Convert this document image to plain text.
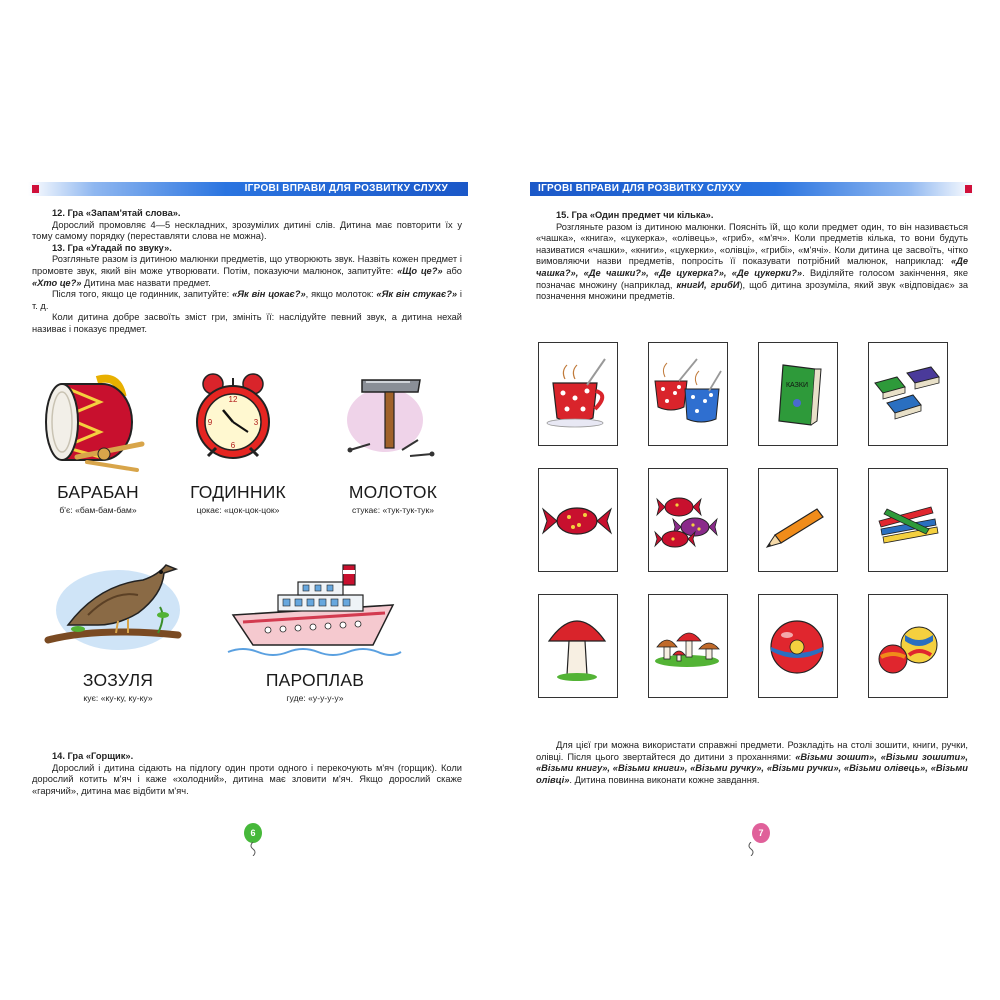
ІГРОВІ ВПРАВИ ДЛЯ РОЗВИТКУ СЛУХУ

12. Гра «Запам'ятай слова».

Дорослий промовляє 4—5 нескладних, зрозумілих дитині слів. Дитина має повторити їх у тому самому порядку (переставляти слова не можна).

13. Гра «Угадай по звуку».

Розгляньте разом із дитиною малюнки предметів, що утворюють звук. Назвіть кожен предмет і промовте звук, який він може утворювати. Потім, показуючи малюнок, запитуйте: «Що це?» або «Хто це?» Дитина має назвати предмет.

Після того, якщо це годинник, запитуйте: «Як він цокає?», якщо молоток: «Як він стукає?» і т. д.

Коли дитина добре засвоїть зміст гри, змініть її: наслідуйте певний звук, а дитина нехай називає і показує предмет.

12
3
6
9
БАРАБАН
б'є: «бам-бам-бам»
ГОДИННИК
цокає: «цок-цок-цок»
МОЛОТОК
стукає: «тук-тук-тук»
ЗОЗУЛЯ
кує: «ку-ку, ку-ку»
ПАРОПЛАВ
гуде: «у-у-у-у»

14. Гра «Горщик».

Дорослий і дитина сідають на підлогу один проти одного і перекочують м'яч (горщик). Коли дорослий котить м'яч і каже «холодний», дитина має зловити м'яч. Якщо дорослий скаже «гарячий», дитина має відбити м'яч.

6
ІГРОВІ ВПРАВИ ДЛЯ РОЗВИТКУ СЛУХУ

15. Гра «Один предмет чи кілька».

Розгляньте разом із дитиною малюнки. Поясніть їй, що коли предмет один, то він називається «чашка», «книга», «цукерка», «олівець», «гриб», «м'яч». Коли предметів кілька, то вони будуть називатися «чашки», «книги», «цукерки», «олівці», «грибі», «м'ячі». Коли дитина це засвоїть, чітко вимовляючи назви предметів, попросіть її показувати потрібний малюнок, наприклад: «Де чашка?», «Де чашки?», «Де цукерка?», «Де цукерки?». Виділяйте голосом закінчення, яке позначає множину (наприклад, книгИ, грибИ), щоб дитина зрозуміла, який звук «відповідає» за позначення множини предметів.

КАЗКИ

Для цієї гри можна використати справжні предмети. Розкладіть на столі зошити, книги, ручки, олівці. Після цього звертайтеся до дитини з проханнями: «Візьми зошит», «Візьми зошити», «Візьми книгу», «Візьми книги», «Візьми ручку», «Візьми ручки», «Візьми олівець», «Візьми олівці». Дитина повинна виконати кожне завдання.

7
